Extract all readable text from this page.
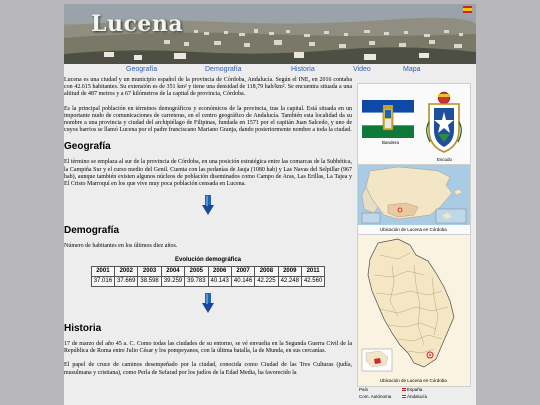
Lucena
Geografía	Demografía	Historia	Video	Mapa

Lucena es una ciudad y un municipio español de la provincia de Córdoba, Andalucía. Según el INE, en 2016 contaba con 42.615 habitantes. Su extensión es de 351 km² y tiene una densidad de 118,79 hab/km². Se encuentra situada a una altitud de 487 metros y a 67 kilómetros de la capital de provincia, Córdoba.

Es la principal población en términos demográficos y económicos de la provincia, tras la capital. Está situada en un importante nudo de comunicaciones de carreteras, en el centro geográfico de Andalucía. También esta localidad da su nombre a una provincia y ciudad del archipiélago de Filipinas, fundada en 1571 por el capitán Juan Salcedo, y uno de cuyos barrios se llamó Lucena por el padre franciscano Mariano Granja, dando posteriormente nombre a toda la ciudad.

Geografía

El término se emplaza al sur de la provincia de Córdoba, en una posición estratégica entre las comarcas de la Subbética, la Campiña Sur y el curso medio del Genil. Cuenta con las pedanías de Jauja (1080 hab) y Las Navas del Selpillar (967 hab), aunque también existen algunos núcleos de población diseminados como Campo de Aras, Las Erillas, La Tajea y El Cristo Marroquí en los que vive muy poca población censada en Lucena.

Demografía

Número de habitantes en los últimos diez años.

Evolución demográfica
2001	2002	2003	2004	2005	2006	2007	2008	2009	2011
37.016	37.669	38.598	39.259	39.783	40.143	40.146	42.225	42.248	42.560
Historia

17 de marzo del año 45 a. C. Como todas las ciudades de su entorno, se vé envuelta en la Segunda Guerra Civil de la República de Roma entre Julio César y los pompeyanos, con la última batalla, la de Munda, en sus cercanías.

El papel de cruce de caminos desempeñado por la ciudad, conocida como Ciudad de las Tres Culturas (judía, musulmana y cristiana), como Perla de Sefarad por los judíos de la Edad Media, ha favorecido la

Bandera
Escudo
Ubicación de Lucena en Córdoba
Ubicación de Lucena en Córdoba
País	España
Com. Autónoma	Andalucía
